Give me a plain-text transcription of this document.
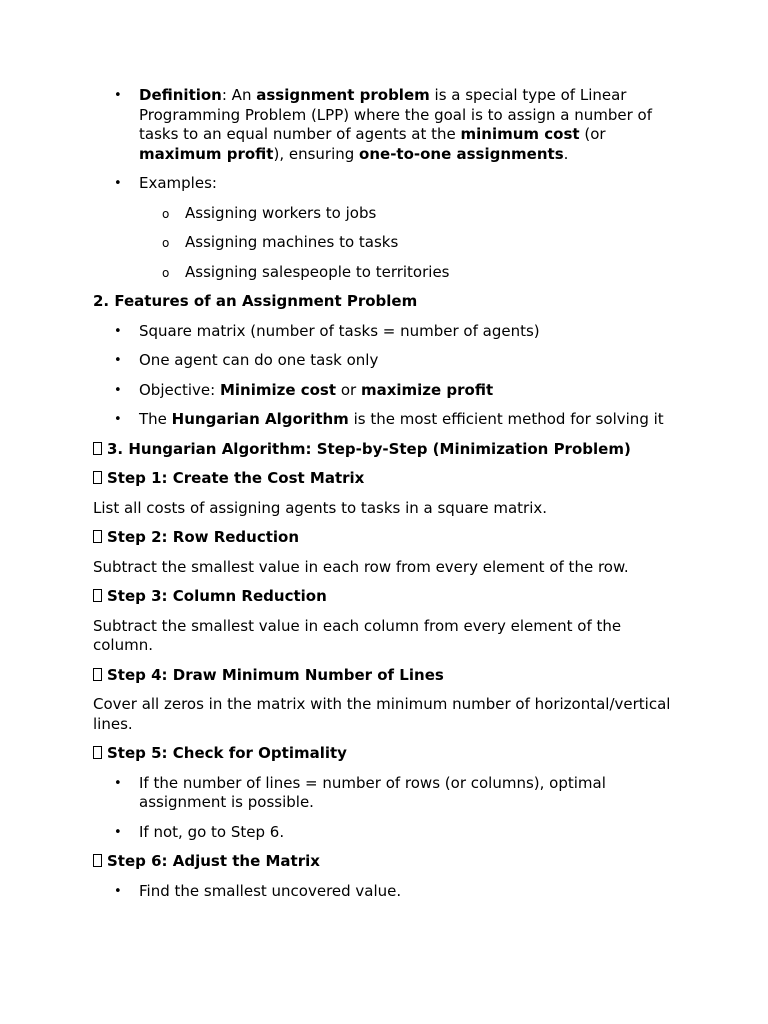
• Definition: An assignment problem is a special type of Linear Programming Problem (LPP) where the goal is to assign a number of tasks to an equal number of agents at the minimum cost (or maximum profit), ensuring one-to-one assignments.
• Examples:
o Assigning workers to jobs
o Assigning machines to tasks
o Assigning salespeople to territories
2. Features of an Assignment Problem
• Square matrix (number of tasks = number of agents)
• One agent can do one task only
• Objective: Minimize cost or maximize profit
• The Hungarian Algorithm is the most efficient method for solving it
3. Hungarian Algorithm: Step-by-Step (Minimization Problem)
Step 1: Create the Cost Matrix
List all costs of assigning agents to tasks in a square matrix.
Step 2: Row Reduction
Subtract the smallest value in each row from every element of the row.
Step 3: Column Reduction
Subtract the smallest value in each column from every element of the column.
Step 4: Draw Minimum Number of Lines
Cover all zeros in the matrix with the minimum number of horizontal/vertical lines.
Step 5: Check for Optimality
• If the number of lines = number of rows (or columns), optimal assignment is possible.
• If not, go to Step 6.
Step 6: Adjust the Matrix
• Find the smallest uncovered value.
